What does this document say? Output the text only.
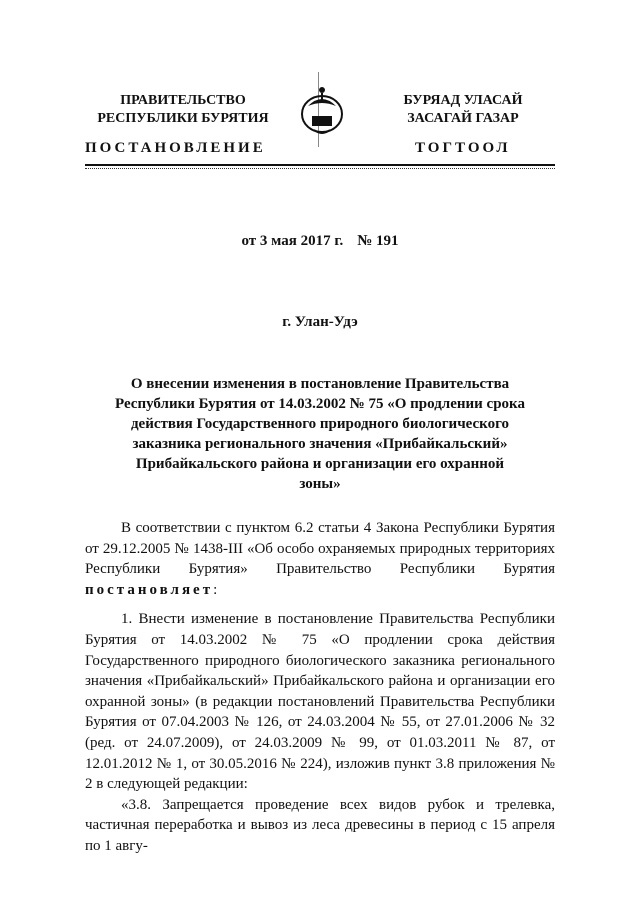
ПРАВИТЕЛЬСТВО
РЕСПУБЛИКИ БУРЯТИЯ
БУРЯАД УЛАСАЙ
ЗАСАГАЙ ГАЗАР
ПОСТАНОВЛЕНИЕ	ТОГТООЛ
от 3 мая 2017 г. № 191
г. Улан-Удэ
О внесении изменения в постановление Правительства Республики Бурятия от 14.03.2002 № 75 «О продлении срока действия Государственного природного биологического заказника регионального значения «Прибайкальский» Прибайкальского района и организации его охранной зоны»

В соответствии с пунктом 6.2 статьи 4 Закона Республики Бурятия от 29.12.2005 № 1438-III «Об особо охраняемых природных территориях Республики Бурятия» Правительство Республики Бурятия постановляет:

1. Внести изменение в постановление Правительства Республики Бурятия от 14.03.2002 № 75 «О продлении срока действия Государственного природного биологического заказника регионального значения «Прибайкальский» Прибайкальского района и организации его охранной зоны» (в редакции постановлений Правительства Республики Бурятия от 07.04.2003 № 126, от 24.03.2004 № 55, от 27.01.2006 № 32 (ред. от 24.07.2009), от 24.03.2009 № 99, от 01.03.2011 № 87, от 12.01.2012 № 1, от 30.05.2016 № 224), изложив пункт 3.8 приложения № 2 в следующей редакции:

«3.8. Запрещается проведение всех видов рубок и трелевка, частичная переработка и вывоз из леса древесины в период с 15 апреля по 1 авгу-
